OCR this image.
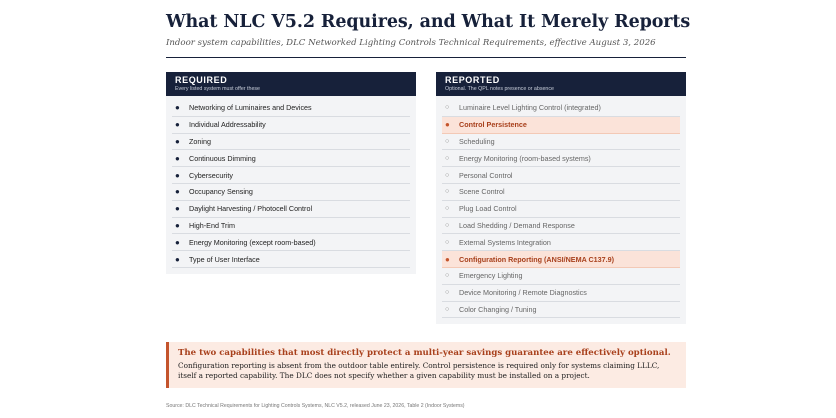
What NLC V5.2 Requires, and What It Merely Reports
Indoor system capabilities, DLC Networked Lighting Controls Technical Requirements, effective August 3, 2026
REQUIRED
Every listed system must offer these
●	Networking of Luminaires and Devices
●	Individual Addressability
●	Zoning
●	Continuous Dimming
●	Cybersecurity
●	Occupancy Sensing
●	Daylight Harvesting / Photocell Control
●	High-End Trim
●	Energy Monitoring (except room-based)
●	Type of User Interface
REPORTED
Optional. The QPL notes presence or absence
○	Luminaire Level Lighting Control (integrated)
●	Control Persistence
○	Scheduling
○	Energy Monitoring (room-based systems)
○	Personal Control
○	Scene Control
○	Plug Load Control
○	Load Shedding / Demand Response
○	External Systems Integration
●	Configuration Reporting (ANSI/NEMA C137.9)
○	Emergency Lighting
○	Device Monitoring / Remote Diagnostics
○	Color Changing / Tuning
The two capabilities that most directly protect a multi-year savings guarantee are effectively optional.
Configuration reporting is absent from the outdoor table entirely. Control persistence is required only for systems claiming LLLC, itself a reported capability. The DLC does not specify whether a given capability must be installed on a project.
Source: DLC Technical Requirements for Lighting Controls Systems, NLC V5.2, released June 23, 2026, Table 2 (Indoor Systems)
